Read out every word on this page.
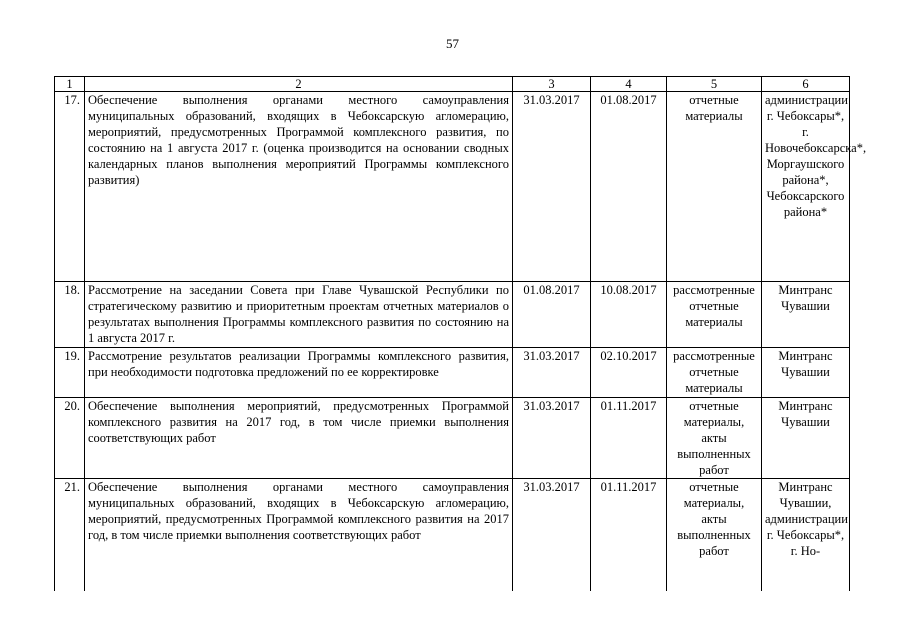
57
1	2	3	4	5	6
17.	Обеспечение выполнения органами местного самоуправления муниципальных образований, входящих в Чебоксарскую агломерацию, мероприятий, предусмотренных Программой комплексного развития, по состоянию на 1 августа 2017 г. (оценка производится на основании сводных календарных планов выполнения мероприятий Программы комплексного развития)	31.03.2017	01.08.2017	отчетные материалы	администрации г. Чебоксары*, г. Новочебоксарска*, Моргаушского района*, Чебоксарского района*
18.	Рассмотрение на заседании Совета при Главе Чувашской Республики по стратегическому развитию и приоритетным проектам отчетных материалов о результатах выполнения Программы комплексного развития по состоянию на 1 августа 2017 г.	01.08.2017	10.08.2017	рассмотренные отчетные материалы	Минтранс Чувашии
19.	Рассмотрение результатов реализации Программы комплексного развития, при необходимости подготовка предложений по ее корректировке	31.03.2017	02.10.2017	рассмотренные отчетные материалы	Минтранс Чувашии
20.	Обеспечение выполнения мероприятий, предусмотренных Программой комплексного развития на 2017 год, в том числе приемки выполнения соответствующих работ	31.03.2017	01.11.2017	отчетные материалы, акты выполненных работ	Минтранс Чувашии
21.	Обеспечение выполнения органами местного самоуправления муниципальных образований, входящих в Чебоксарскую агломерацию, мероприятий, предусмотренных Программой комплексного развития на 2017 год, в том числе приемки выполнения соответствующих работ	31.03.2017	01.11.2017	отчетные материалы, акты выполненных работ	Минтранс Чувашии, администрации г. Чебоксары*, г. Но-
